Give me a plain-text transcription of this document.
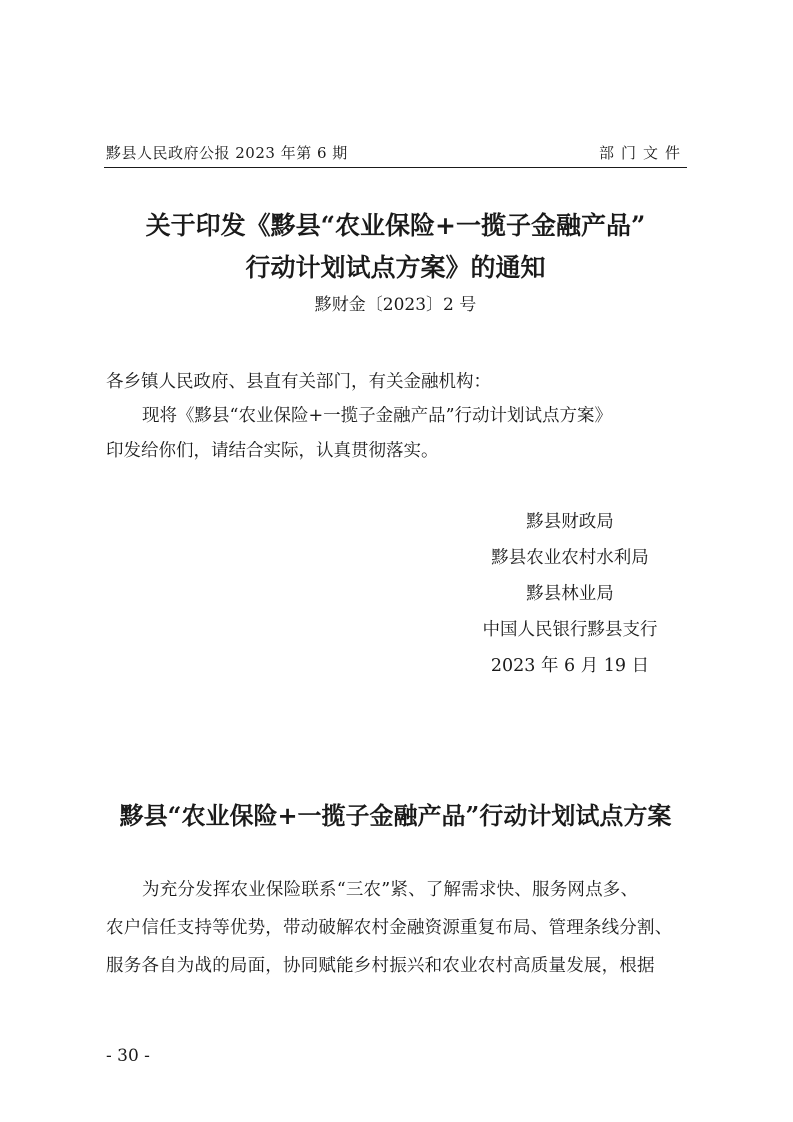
黟县人民政府公报 2023 年第 6 期	部门文件
关于印发《黟县“农业保险+一揽子金融产品”
行动计划试点方案》的通知
黟财金〔2023〕2 号
各乡镇人民政府、县直有关部门，有关金融机构：
现将《黟县“农业保险+一揽子金融产品”行动计划试点方案》
印发给你们，请结合实际，认真贯彻落实。
黟县财政局
黟县农业农村水利局
黟县林业局
中国人民银行黟县支行
2023 年 6 月 19 日
黟县“农业保险+一揽子金融产品”行动计划试点方案
为充分发挥农业保险联系“三农”紧、了解需求快、服务网点多、
农户信任支持等优势，带动破解农村金融资源重复布局、管理条线分割、
服务各自为战的局面，协同赋能乡村振兴和农业农村高质量发展，根据
- 30 -
